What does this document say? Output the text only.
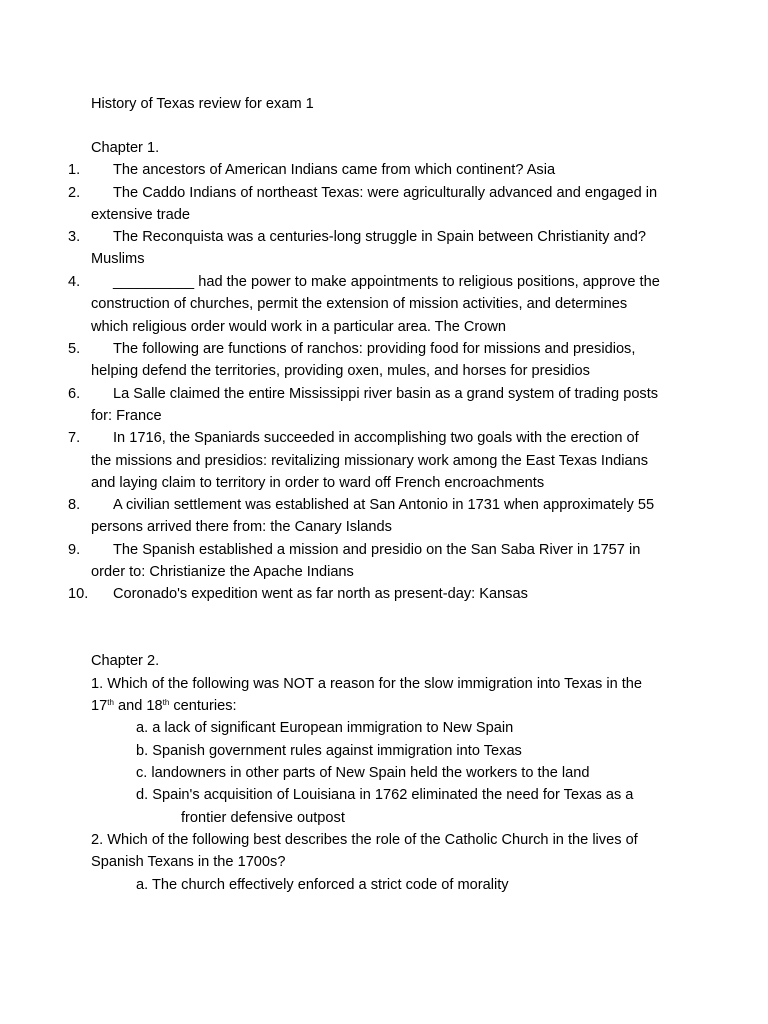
History of Texas review for exam 1
Chapter 1.
1. The ancestors of American Indians came from which continent? Asia
2. The Caddo Indians of northeast Texas: were agriculturally advanced and engaged in
extensive trade
3. The Reconquista was a centuries-long struggle in Spain between Christianity and?
Muslims
4. __________ had the power to make appointments to religious positions, approve the
construction of churches, permit the extension of mission activities, and determines
which religious order would work in a particular area. The Crown
5. The following are functions of ranchos: providing food for missions and presidios,
helping defend the territories, providing oxen, mules, and horses for presidios
6. La Salle claimed the entire Mississippi river basin as a grand system of trading posts
for: France
7. In 1716, the Spaniards succeeded in accomplishing two goals with the erection of
the missions and presidios: revitalizing missionary work among the East Texas Indians
and laying claim to territory in order to ward off French encroachments
8. A civilian settlement was established at San Antonio in 1731 when approximately 55
persons arrived there from: the Canary Islands
9. The Spanish established a mission and presidio on the San Saba River in 1757 in
order to: Christianize the Apache Indians
10. Coronado's expedition went as far north as present-day: Kansas
Chapter 2.
1. Which of the following was NOT a reason for the slow immigration into Texas in the
17th and 18th centuries:
a. a lack of significant European immigration to New Spain
b. Spanish government rules against immigration into Texas
c. landowners in other parts of New Spain held the workers to the land
d. Spain's acquisition of Louisiana in 1762 eliminated the need for Texas as a
frontier defensive outpost
2. Which of the following best describes the role of the Catholic Church in the lives of
Spanish Texans in the 1700s?
a. The church effectively enforced a strict code of morality
